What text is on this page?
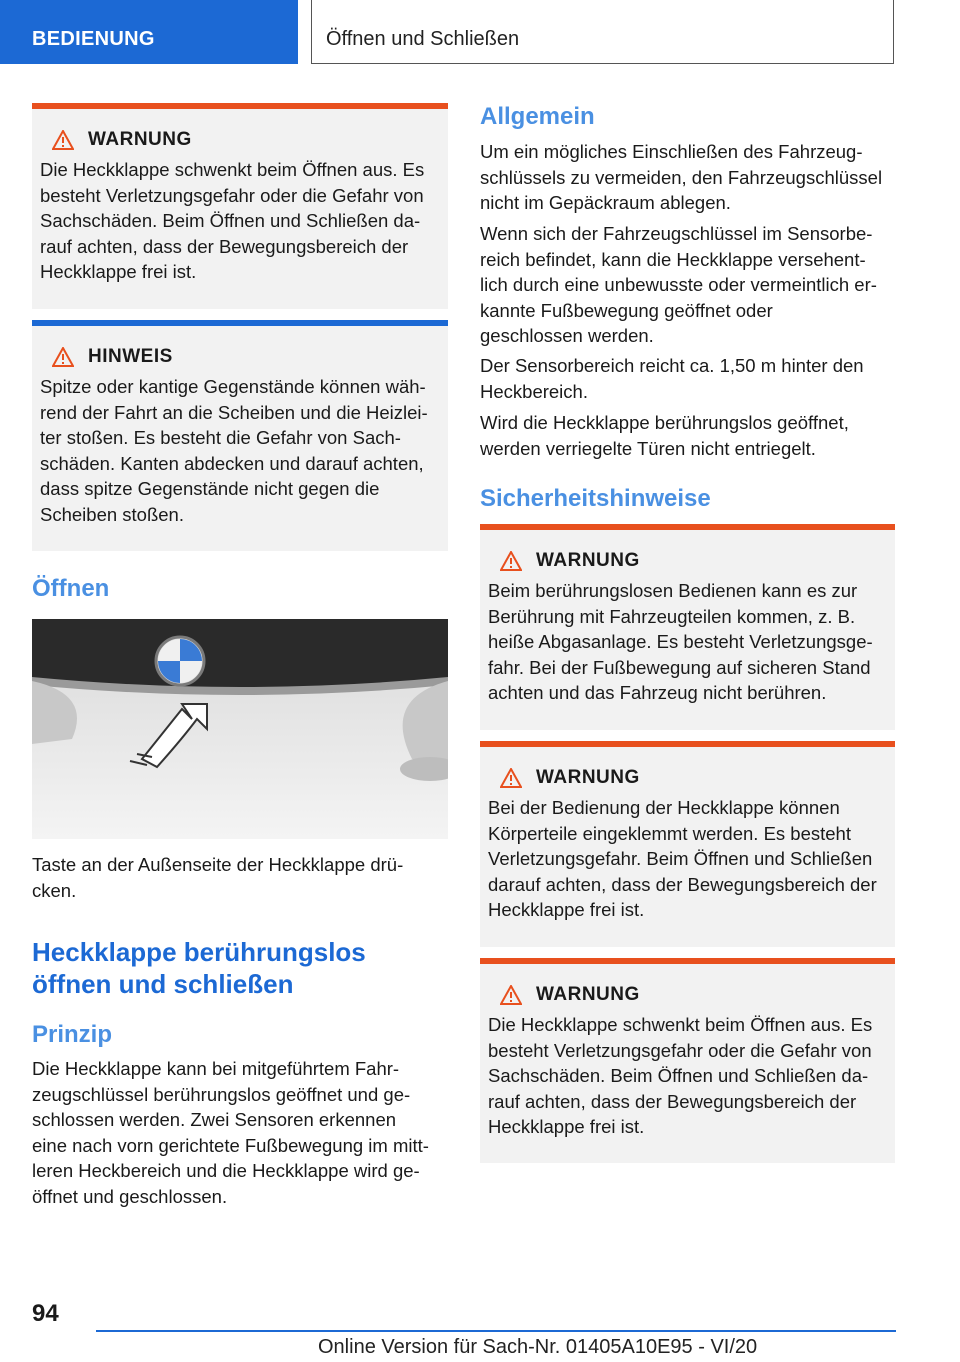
BEDIENUNG	Öffnen und Schließen
WARNUNG

Die Heckklappe schwenkt beim Öffnen aus. Es
besteht Verletzungsgefahr oder die Gefahr von
Sachschäden. Beim Öffnen und Schließen da-
rauf achten, dass der Bewegungsbereich der
Heckklappe frei ist.

HINWEIS

Spitze oder kantige Gegenstände können wäh-
rend der Fahrt an die Scheiben und die Heizlei-
ter stoßen. Es besteht die Gefahr von Sach-
schäden. Kanten abdecken und darauf achten,
dass spitze Gegenstände nicht gegen die
Scheiben stoßen.

Öffnen
Taste an der Außenseite der Heckklappe drü-
cken.
Heckklappe berührungslos
öffnen und schließen
Prinzip
Die Heckklappe kann bei mitgeführtem Fahr-
zeugschlüssel berührungslos geöffnet und ge-
schlossen werden. Zwei Sensoren erkennen
eine nach vorn gerichtete Fußbewegung im mitt-
leren Heckbereich und die Heckklappe wird ge-
öffnet und geschlossen.
Allgemein
Um ein mögliches Einschließen des Fahrzeug-
schlüssels zu vermeiden, den Fahrzeugschlüssel
nicht im Gepäckraum ablegen.
Wenn sich der Fahrzeugschlüssel im Sensorbe-
reich befindet, kann die Heckklappe versehent-
lich durch eine unbewusste oder vermeintlich er-
kannte Fußbewegung geöffnet oder
geschlossen werden.
Der Sensorbereich reicht ca. 1,50 m hinter den
Heckbereich.
Wird die Heckklappe berührungslos geöffnet,
werden verriegelte Türen nicht entriegelt.
Sicherheitshinweise
WARNUNG

Beim berührungslosen Bedienen kann es zur
Berührung mit Fahrzeugteilen kommen, z. B.
heiße Abgasanlage. Es besteht Verletzungsge-
fahr. Bei der Fußbewegung auf sicheren Stand
achten und das Fahrzeug nicht berühren.

WARNUNG

Bei der Bedienung der Heckklappe können
Körperteile eingeklemmt werden. Es besteht
Verletzungsgefahr. Beim Öffnen und Schließen
darauf achten, dass der Bewegungsbereich der
Heckklappe frei ist.

WARNUNG

Die Heckklappe schwenkt beim Öffnen aus. Es
besteht Verletzungsgefahr oder die Gefahr von
Sachschäden. Beim Öffnen und Schließen da-
rauf achten, dass der Bewegungsbereich der
Heckklappe frei ist.

94
Online Version für Sach-Nr. 01405A10E95 - VI/20
